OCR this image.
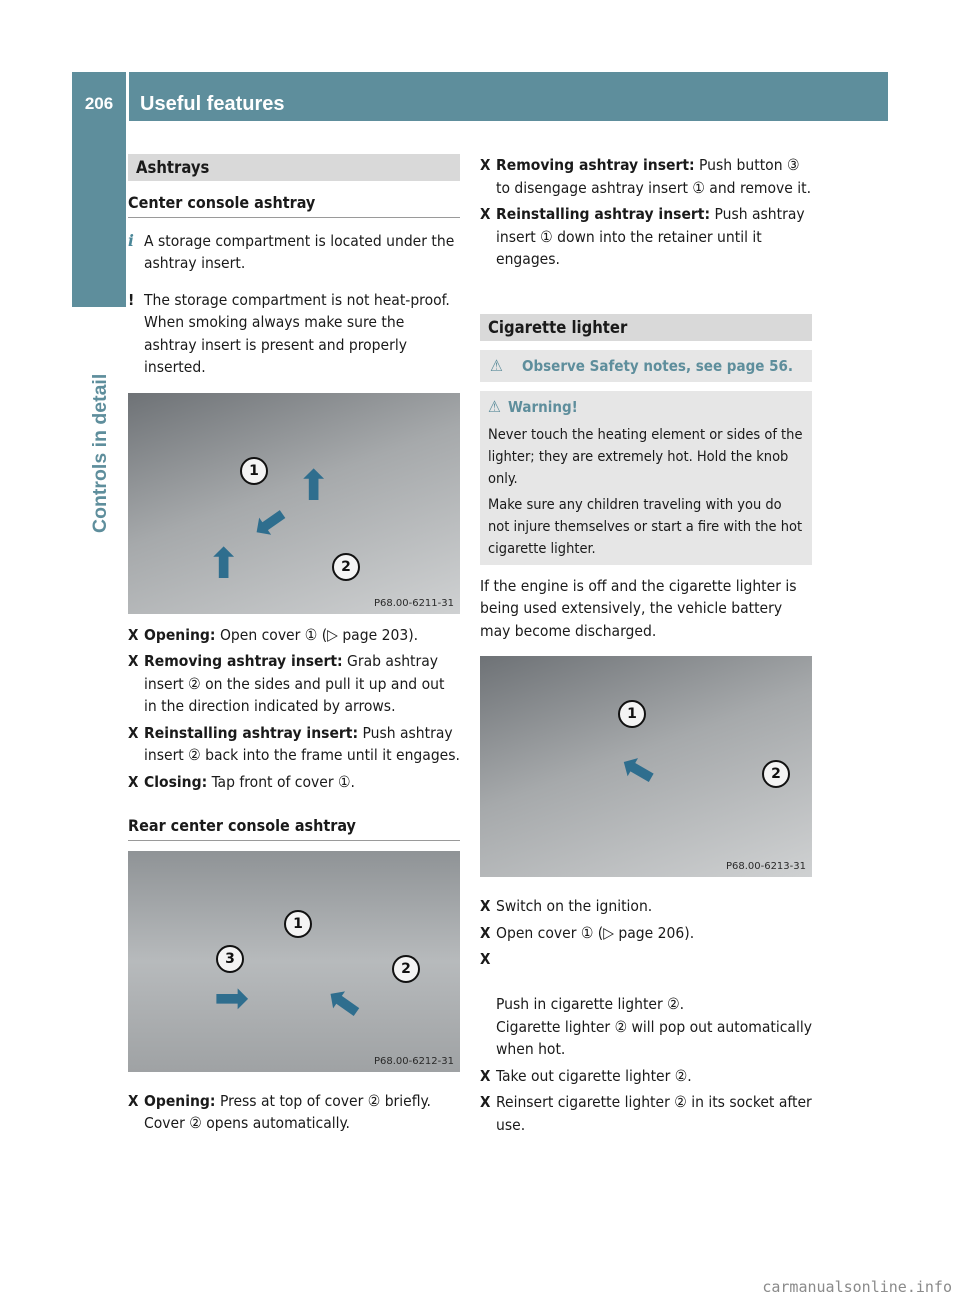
206	Useful features
Controls in detail
Ashtrays
Center console ashtray
i A storage compartment is located under the ashtray insert.

! The storage compartment is not heat-proof. When smoking always make sure the ashtray insert is present and properly inserted.

1
2
⬆
⬆
⬅
P68.00-6211-31
X Opening: Open cover ① (▷ page 203).
X Removing ashtray insert: Grab ashtray insert ② on the sides and pull it up and out in the direction indicated by arrows.
X Reinstalling ashtray insert: Push ashtray insert ② back into the frame until it engages.
X Closing: Tap front of cover ①.
Rear center console ashtray
1
3
2
➡ ➡
P68.00-6212-31
X Opening: Press at top of cover ② briefly. Cover ② opens automatically.
X Removing ashtray insert: Push button ③ to disengage ashtray insert ① and remove it.
X Reinstalling ashtray insert: Push ashtray insert ① down into the retainer until it engages.
Cigarette lighter
⚠ Observe Safety notes, see page 56.
⚠ Warning!

Never touch the heating element or sides of the lighter; they are extremely hot. Hold the knob only.

Make sure any children traveling with you do not injure themselves or start a fire with the hot cigarette lighter.

If the engine is off and the cigarette lighter is being used extensively, the vehicle battery may become discharged.

1
2
➡
P68.00-6213-31
X Switch on the ignition.
X Open cover ① (▷ page 206).

X

Push in cigarette lighter ②.
Cigarette lighter ② will pop out automatically when hot.

X Take out cigarette lighter ②.
X Reinsert cigarette lighter ② in its socket after use.
carmanualsonline.info
